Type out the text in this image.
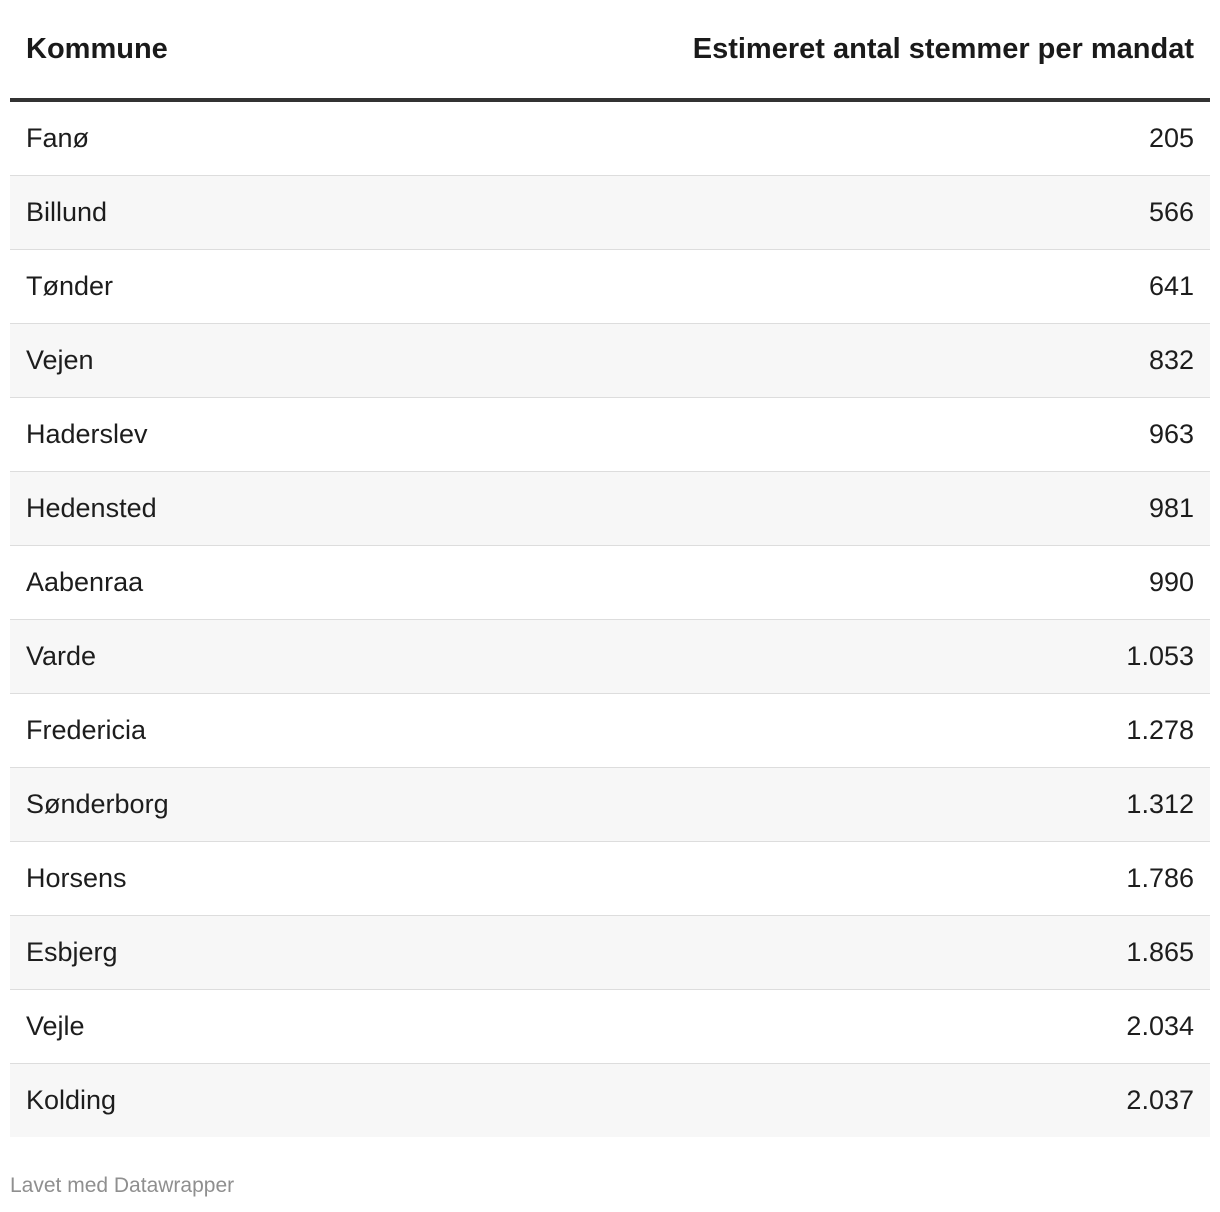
Kommune	Estimeret antal stemmer per mandat
Fanø	205
Billund	566
Tønder	641
Vejen	832
Haderslev	963
Hedensted	981
Aabenraa	990
Varde	1.053
Fredericia	1.278
Sønderborg	1.312
Horsens	1.786
Esbjerg	1.865
Vejle	2.034
Kolding	2.037
Lavet med Datawrapper
